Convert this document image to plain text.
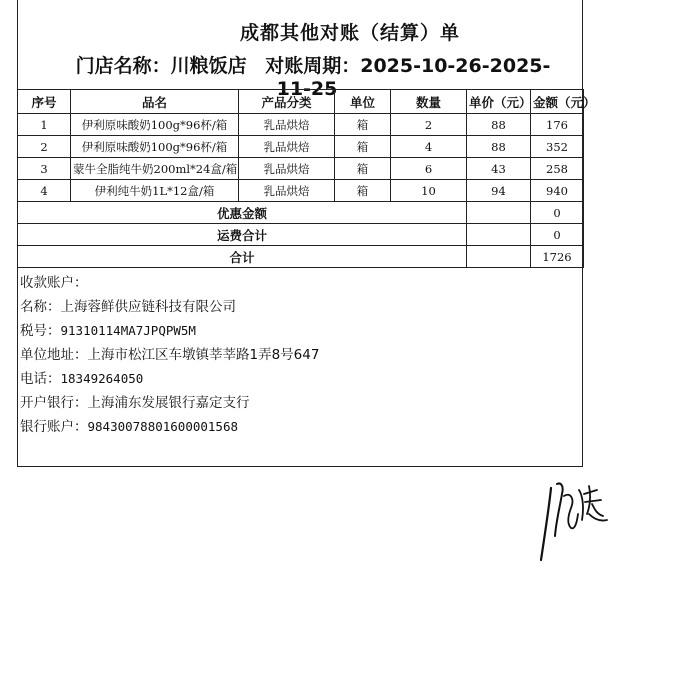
成都其他对账（结算）单
门店名称：川粮饭店 对账周期：2025-10-26-2025-11-25
序号	品名	产品分类	单位	数量	单价（元）	金额（元）
1	伊利原味酸奶100g*96杯/箱	乳品烘焙	箱	2	88	176
2	伊利原味酸奶100g*96杯/箱	乳品烘焙	箱	4	88	352
3	蒙牛全脂纯牛奶200ml*24盒/箱	乳品烘焙	箱	6	43	258
4	伊利纯牛奶1L*12盒/箱	乳品烘焙	箱	10	94	940
优惠金额						0
运费合计						0
合计						1726
收款账户：
名称：上海蓉鲜供应链科技有限公司
税号：91310114MA7JPQPW5M
单位地址：上海市松江区车墩镇莘莘路1弄8号647
电话：18349264050
开户银行：上海浦东发展银行嘉定支行
银行账户：98430078801600001568
